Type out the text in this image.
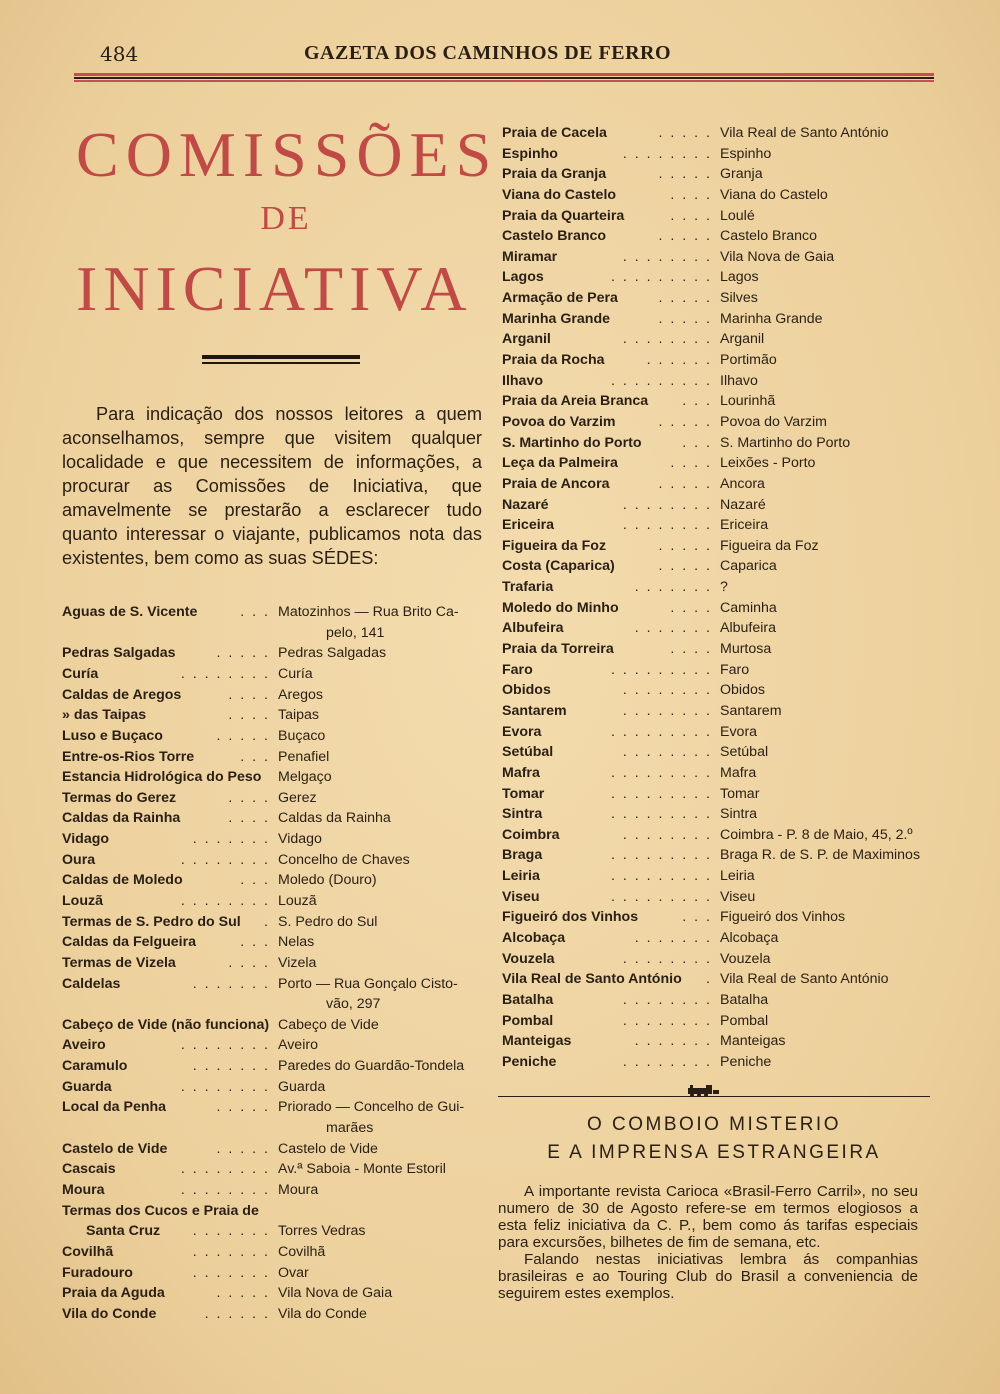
484	GAZETA DOS CAMINHOS DE FERRO
COMISSÕES
DE
INICIATIVA
Para indicação dos nossos leitores a quem aconselhamos, sempre que visitem qualquer localidade e que necessitem de informações, a procurar as Comissões de Iniciativa, que amavelmente se prestarão a esclarecer tudo quanto interessar o viajante, publicamos nota das existentes, bem como as suas SÉDES:
Aguas de S. Vicente	. . . Matozinhos — Rua Brito Ca-
pelo, 141
Pedras Salgadas	. . . . . Pedras Salgadas
Curía	. . . . . . . . Curía
Caldas de Aregos	. . . . Aregos
» das Taipas	. . . . Taipas
Luso e Buçaco	. . . . . Buçaco
Entre-os-Rios Torre	. . . Penafiel
Estancia Hidrológica do Peso Melgaço
Termas do Gerez	. . . . Gerez
Caldas da Rainha	. . . . Caldas da Rainha
Vidago	. . . . . . . Vidago
Oura	. . . . . . . . Concelho de Chaves
Caldas de Moledo	. . . Moledo (Douro)
Louzã	. . . . . . . . Louzã
Termas de S. Pedro do Sul	. S. Pedro do Sul
Caldas da Felgueira	. . . Nelas
Termas de Vizela	. . . . Vizela
Caldelas	. . . . . . . Porto — Rua Gonçalo Cisto-
vão, 297
Cabeço de Vide (não funciona) Cabeço de Vide
Aveiro	. . . . . . . . Aveiro
Caramulo	. . . . . . . Paredes do Guardão-Tondela
Guarda	. . . . . . . . Guarda
Local da Penha	. . . . . Priorado — Concelho de Gui-
marães
Castelo de Vide	. . . . . Castelo de Vide
Cascais	. . . . . . . . Av.ª Saboia - Monte Estoril
Moura	. . . . . . . . Moura
Termas dos Cucos e Praia de
Santa Cruz	. . . . . . . Torres Vedras
Covilhã	. . . . . . . Covilhã
Furadouro	. . . . . . . Ovar
Praia da Aguda	. . . . . Vila Nova de Gaia
Vila do Conde	. . . . . . Vila do Conde
Praia de Cacela	. . . . . Vila Real de Santo António
Espinho	. . . . . . . . Espinho
Praia da Granja	. . . . . Granja
Viana do Castelo	. . . . Viana do Castelo
Praia da Quarteira	. . . . Loulé
Castelo Branco	. . . . . Castelo Branco
Miramar	. . . . . . . . Vila Nova de Gaia
Lagos	. . . . . . . . . Lagos
Armação de Pera	. . . . . Silves
Marinha Grande	. . . . . Marinha Grande
Arganil	. . . . . . . . Arganil
Praia da Rocha	. . . . . . Portimão
Ilhavo	. . . . . . . . . Ilhavo
Praia da Areia Branca	. . . Lourinhã
Povoa do Varzim	. . . . . Povoa do Varzim
S. Martinho do Porto	. . . S. Martinho do Porto
Leça da Palmeira	. . . . Leixões - Porto
Praia de Ancora	. . . . . Ancora
Nazaré	. . . . . . . . Nazaré
Ericeira	. . . . . . . . Ericeira
Figueira da Foz	. . . . . Figueira da Foz
Costa (Caparica)	. . . . . Caparica
Trafaria	. . . . . . . ?
Moledo do Minho	. . . . Caminha
Albufeira	. . . . . . . Albufeira
Praia da Torreira	. . . . Murtosa
Faro	. . . . . . . . . Faro
Obidos	. . . . . . . . Obidos
Santarem	. . . . . . . . Santarem
Evora	. . . . . . . . . Evora
Setúbal	. . . . . . . . Setúbal
Mafra	. . . . . . . . . Mafra
Tomar	. . . . . . . . . Tomar
Sintra	. . . . . . . . . Sintra
Coimbra	. . . . . . . . Coimbra - P. 8 de Maio, 45, 2.º
Braga	. . . . . . . . . Braga R. de S. P. de Maximinos
Leiria	. . . . . . . . . Leiria
Viseu	. . . . . . . . . Viseu
Figueiró dos Vinhos	. . . Figueiró dos Vinhos
Alcobaça	. . . . . . . Alcobaça
Vouzela	. . . . . . . . Vouzela
Vila Real de Santo António	. Vila Real de Santo António
Batalha	. . . . . . . . Batalha
Pombal	. . . . . . . . Pombal
Manteigas	. . . . . . . Manteigas
Peniche	. . . . . . . . Peniche
O COMBOIO MISTERIO
E A IMPRENSA ESTRANGEIRA

A importante revista Carioca «Brasil-Ferro Carril», no seu numero de 30 de Agosto refere-se em termos elogiosos a esta feliz iniciativa da C. P., bem como ás tarifas especiais para excursões, bilhetes de fim de semana, etc.

Falando nestas iniciativas lembra ás companhias brasileiras e ao Touring Club do Brasil a conveniencia de seguirem estes exemplos.
